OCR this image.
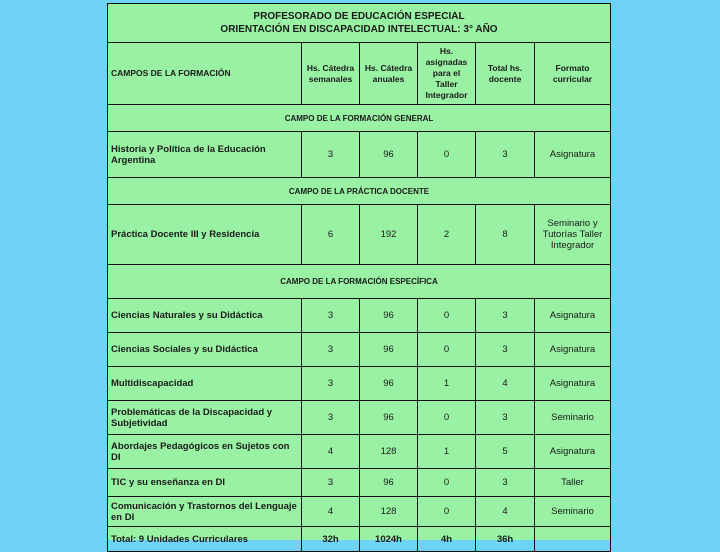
PROFESORADO DE EDUCACIÓN ESPECIAL
ORIENTACIÓN EN DISCAPACIDAD INTELECTUAL: 3° AÑO					

CAMPOS DE LA FORMACIÓN	Hs. Cátedra semanales	Hs. Cátedra anuales	Hs. asignadas para el Taller Integrador	Total hs. docente	Formato curricular
CAMPO DE LA FORMACIÓN GENERAL					
Historia y Política de la Educación Argentina	3	96	0	3	Asignatura
CAMPO DE LA PRÁCTICA DOCENTE					
Práctica Docente III y Residencia	6	192	2	8	Seminario y Tutorías Taller Integrador
CAMPO DE LA FORMACIÓN ESPECÍFICA					
Ciencias Naturales y su Didáctica	3	96	0	3	Asignatura
Ciencias Sociales y su Didáctica	3	96	0	3	Asignatura
Multidiscapacidad	3	96	1	4	Asignatura
Problemáticas de la Discapacidad y Subjetividad	3	96	0	3	Seminario
Abordajes Pedagógicos en Sujetos con DI	4	128	1	5	Asignatura
TIC y su enseñanza en DI	3	96	0	3	Taller
Comunicación y Trastornos del Lenguaje en DI	4	128	0	4	Seminario
Total: 9 Unidades Curriculares	32h	1024h	4h	36h	
